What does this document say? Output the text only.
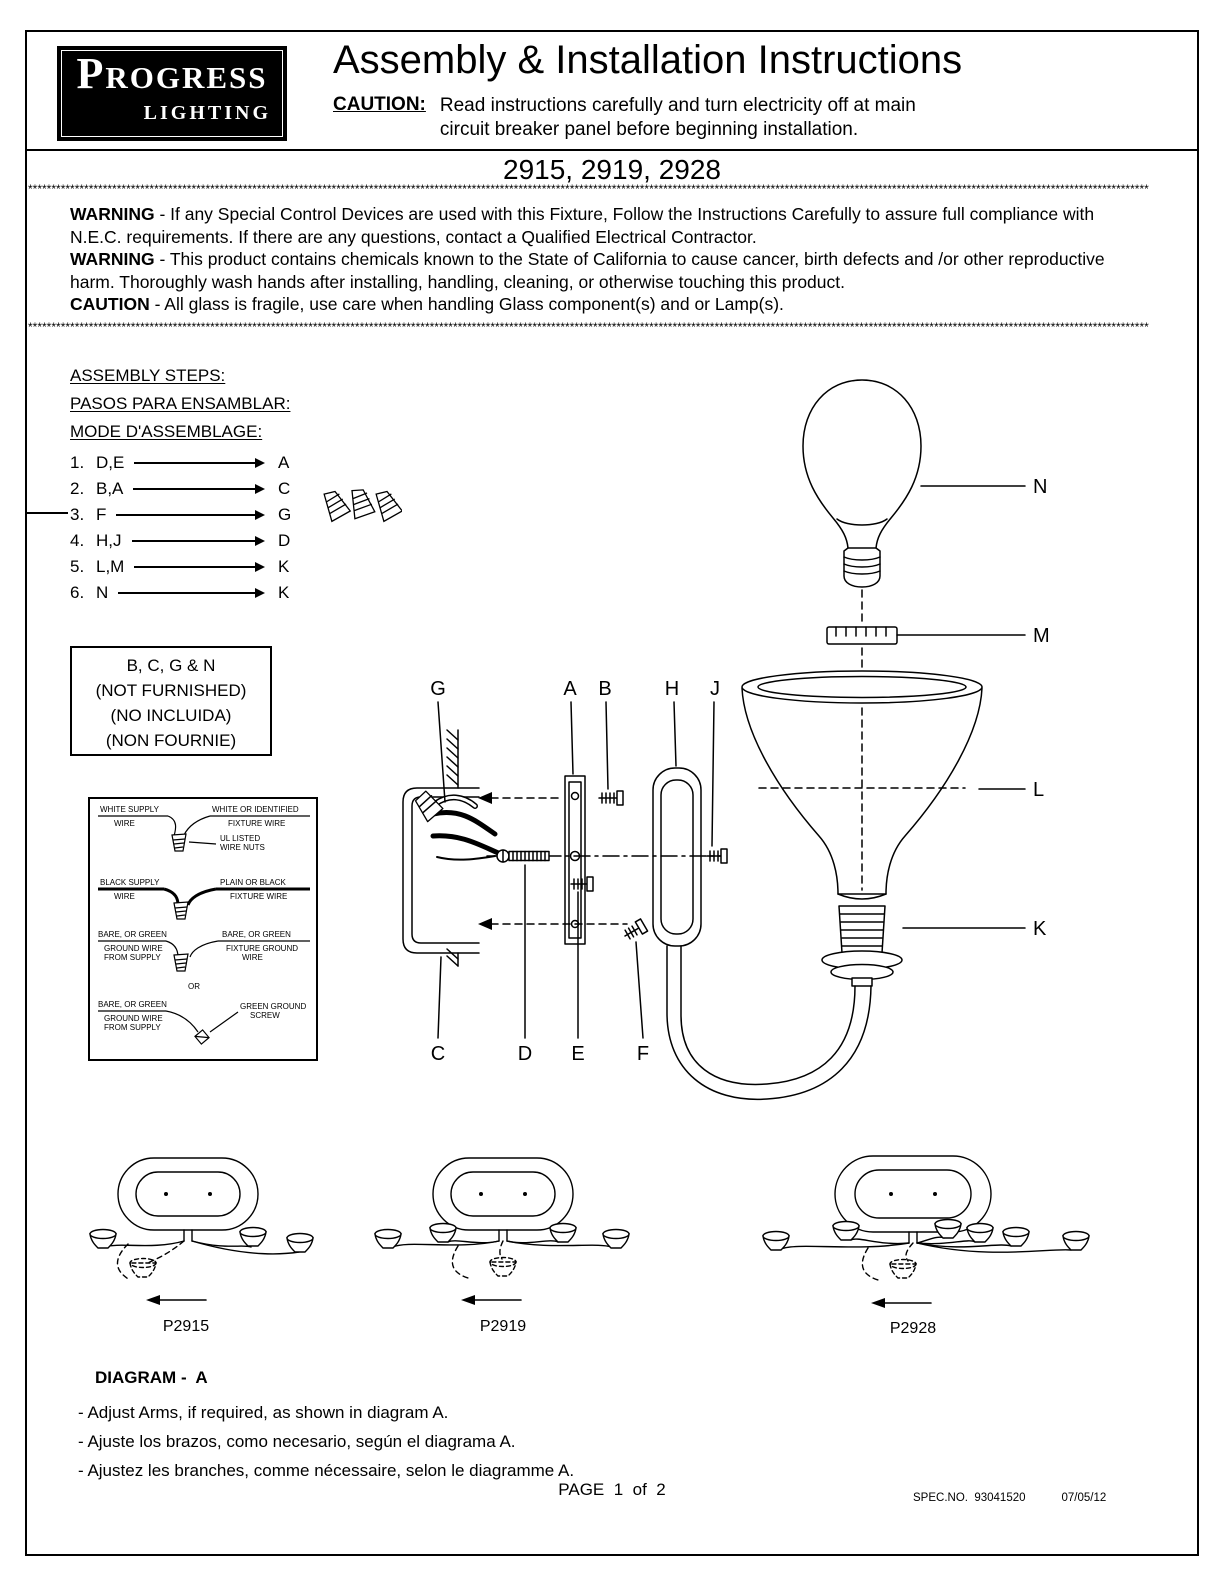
PROGRESS
LIGHTING
Assembly & Installation Instructions
CAUTION: Read instructions carefully and turn electricity off at main
circuit breaker panel before beginning installation.
2915, 2919, 2928
************************************************************************************************************************************************************************************************************************************************

WARNING - If any Special Control Devices are used with this Fixture, Follow the Instructions Carefully to assure full compliance with N.E.C. requirements. If there are any questions, contact a Qualified Electrical Contractor.

WARNING - This product contains chemicals known to the State of California to cause cancer, birth defects and /or other reproductive harm. Thoroughly wash hands after installing, handling, cleaning, or otherwise touching this product.

CAUTION - All glass is fragile, use care when handling Glass component(s) and or Lamp(s).

************************************************************************************************************************************************************************************************************************************************
ASSEMBLY STEPS:
PASOS PARA ENSAMBLAR:
MODE D'ASSEMBLAGE:
1. D,E	A
2. B,A	C
3. F	G
4. H,J	D
5. L,M	K
6. N	K
B, C, G & N
(NOT FURNISHED)
(NO INCLUIDA)
(NON FOURNIE)
WHITE SUPPLY
WIRE
WHITE OR IDENTIFIED
FIXTURE WIRE
UL LISTED
WIRE NUTS
BLACK SUPPLY
WIRE
PLAIN OR BLACK
FIXTURE WIRE
BARE, OR GREEN
GROUND WIRE
FROM SUPPLY
BARE, OR GREEN
FIXTURE GROUND
WIRE
OR
BARE, OR GREEN
GROUND WIRE
FROM SUPPLY
GREEN GROUND
SCREW
G	A B	H J
N
M
L
K
C	D E	F
P2915	P2919	P2928
DIAGRAM -  A
- Adjust Arms, if required, as shown in diagram A.
- Ajuste los brazos, como necesario, según el diagrama A.
- Ajustez les branches, comme nécessaire, selon le diagramme A.
PAGE  1  of  2	SPEC.NO.  93041520	07/05/12
